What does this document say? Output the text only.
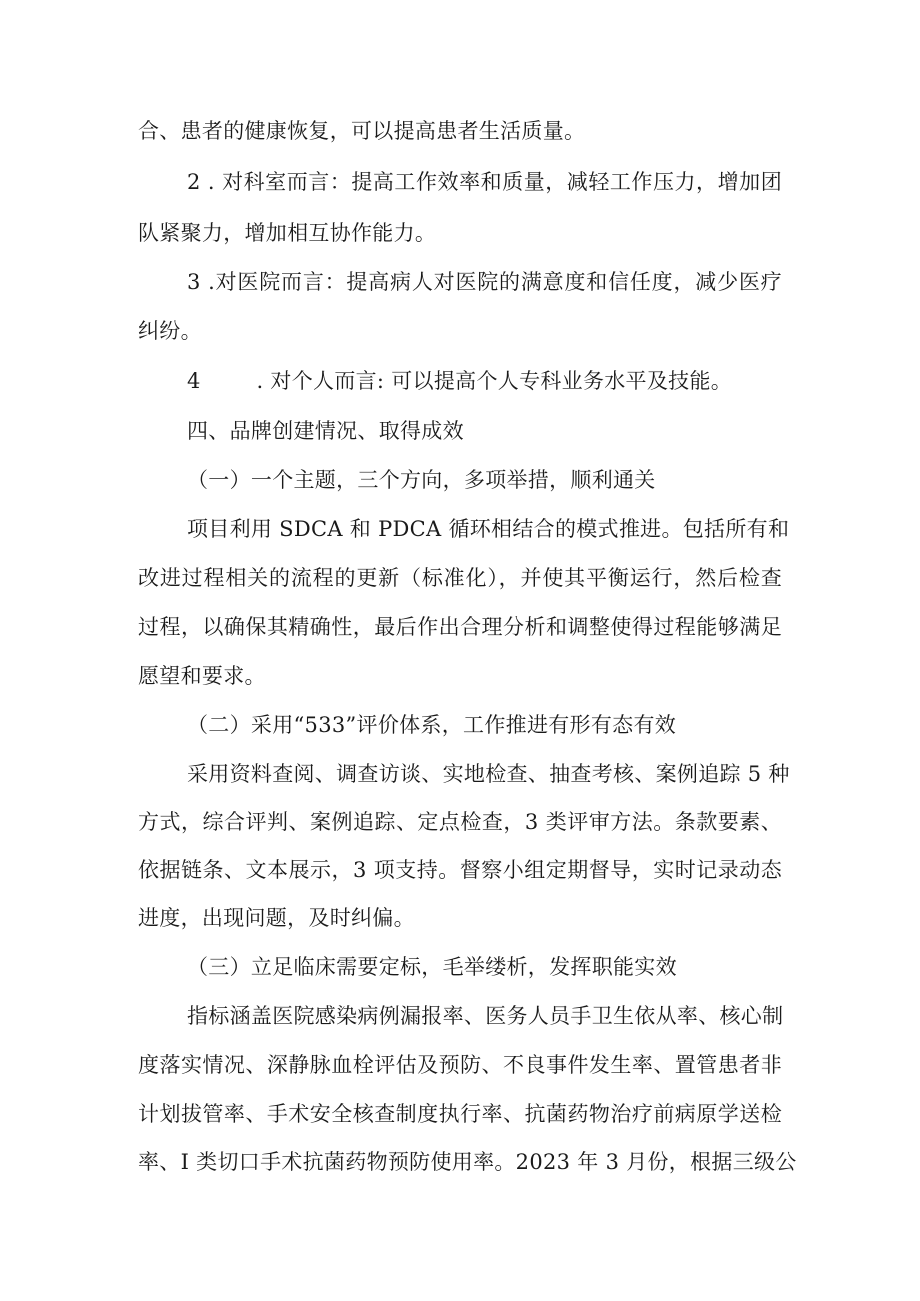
合、患者的健康恢复，可以提高患者生活质量。
2 . 对科室而言：提高工作效率和质量，减轻工作压力，增加团
队紧聚力，增加相互协作能力。
3 .对医院而言：提高病人对医院的满意度和信任度，减少医疗
纠纷。
4        . 对个人而言: 可以提高个人专科业务水平及技能。
四、品牌创建情况、取得成效
（一）一个主题，三个方向，多项举措，顺利通关
项目利用 SDCA 和 PDCA 循环相结合的模式推进。包括所有和
改进过程相关的流程的更新（标准化），并使其平衡运行，然后检查
过程，以确保其精确性，最后作出合理分析和调整使得过程能够满足
愿望和要求。
（二）采用“533”评价体系，工作推进有形有态有效
采用资料查阅、调查访谈、实地检查、抽查考核、案例追踪 5 种
方式，综合评判、案例追踪、定点检查，3 类评审方法。条款要素、
依据链条、文本展示，3 项支持。督察小组定期督导，实时记录动态
进度，出现问题，及时纠偏。
（三）立足临床需要定标，毛举缕析，发挥职能实效
指标涵盖医院感染病例漏报率、医务人员手卫生依从率、核心制
度落实情况、深静脉血栓评估及预防、不良事件发生率、置管患者非
计划拔管率、手术安全核查制度执行率、抗菌药物治疗前病原学送检
率、I 类切口手术抗菌药物预防使用率。2023 年 3 月份，根据三级公
